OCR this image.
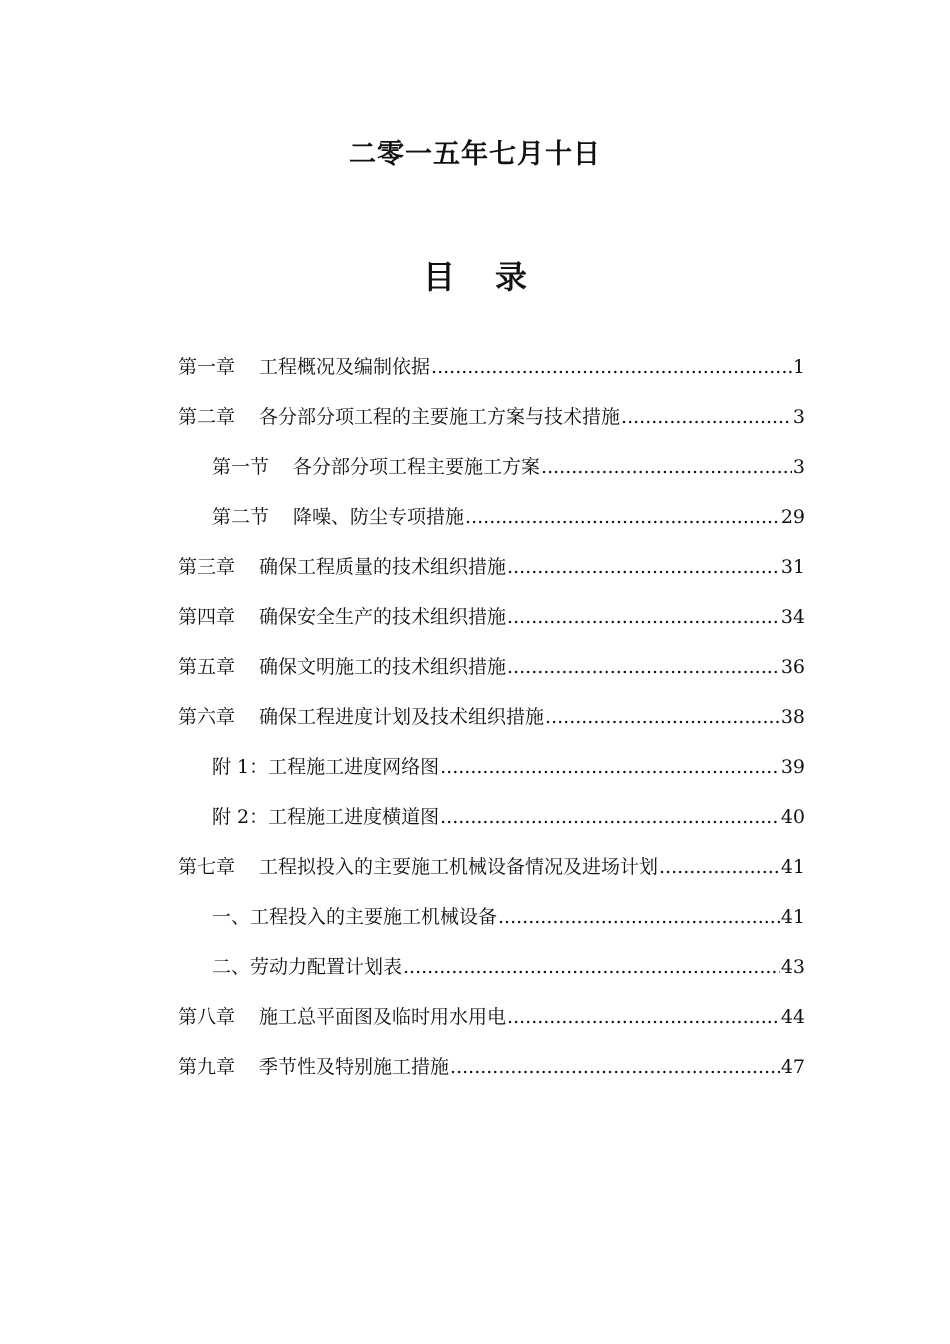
二零一五年七月十日
目 录
第一章 工程概况及编制依据 .....	1
第二章 各分部分项工程的主要施工方案与技术措施 .....	3
第一节 各分部分项工程主要施工方案 .....	3
第二节 降噪、防尘专项措施 .....	29
第三章 确保工程质量的技术组织措施 .....	31
第四章 确保安全生产的技术组织措施 .....	34
第五章 确保文明施工的技术组织措施 .....	36
第六章 确保工程进度计划及技术组织措施 .....	38
附 1：工程施工进度网络图 .....	39
附 2：工程施工进度横道图 .....	40
第七章 工程拟投入的主要施工机械设备情况及进场计划 .....	41
一、工程投入的主要施工机械设备 .....	41
二、劳动力配置计划表 .....	43
第八章 施工总平面图及临时用水用电 .....	44
第九章 季节性及特别施工措施 .....	47
